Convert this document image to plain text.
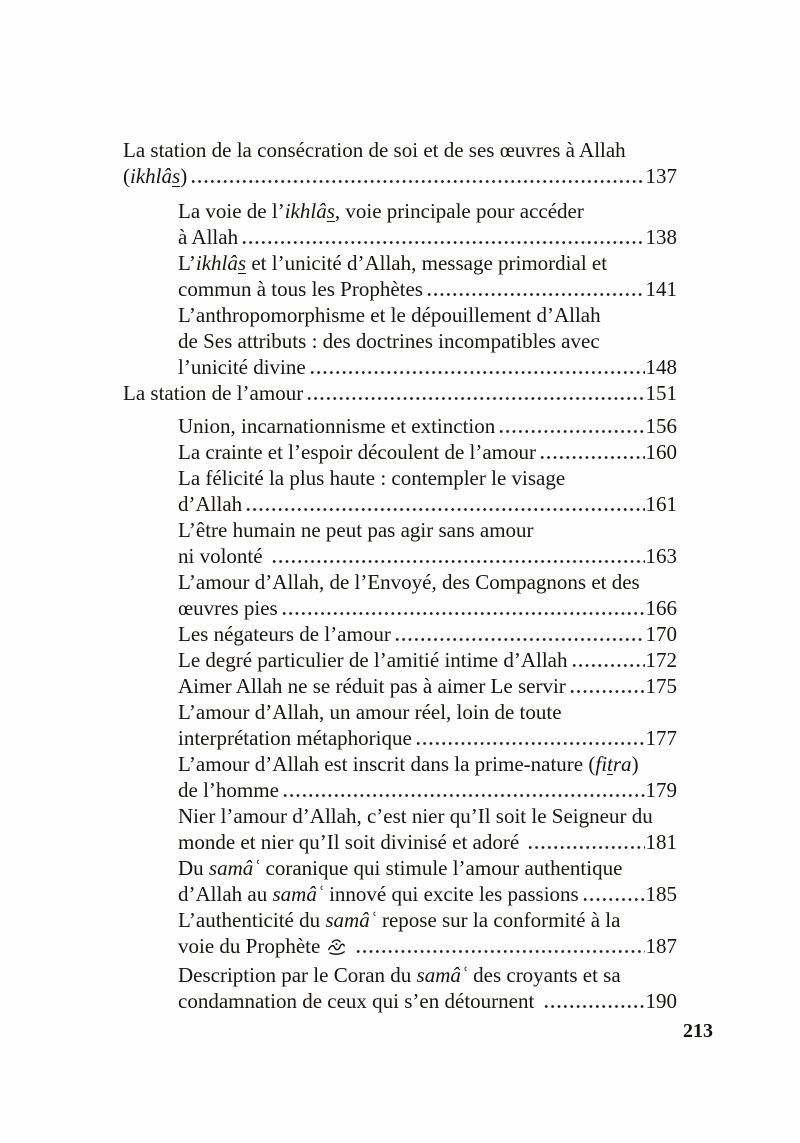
La station de la consécration de soi et de ses œuvres à Allah
(ikhlâs)	137
La voie de l’ikhlâs, voie principale pour accéder
à Allah	138
L’ikhlâs et l’unicité d’Allah, message primordial et
commun à tous les Prophètes	141
L’anthropomorphisme et le dépouillement d’Allah
de Ses attributs : des doctrines incompatibles avec
l’unicité divine	148
La station de l’amour	151
Union, incarnationnisme et extinction	156
La crainte et l’espoir découlent de l’amour	160
La félicité la plus haute : contempler le visage
d’Allah	161
L’être humain ne peut pas agir sans amour
ni volonté	163
L’amour d’Allah, de l’Envoyé, des Compagnons et des
œuvres pies	166
Les négateurs de l’amour	170
Le degré particulier de l’amitié intime d’Allah	172
Aimer Allah ne se réduit pas à aimer Le servir	175
L’amour d’Allah, un amour réel, loin de toute
interprétation métaphorique	177
L’amour d’Allah est inscrit dans la prime-nature (fitra)
de l’homme	179
Nier l’amour d’Allah, c’est nier qu’Il soit le Seigneur du
monde et nier qu’Il soit divinisé et adoré	181
Du samâʿ coranique qui stimule l’amour authentique
d’Allah au samâʿ innové qui excite les passions	185
L’authenticité du samâʿ repose sur la conformité à la
voie du Prophète	187
Description par le Coran du samâʿ des croyants et sa
condamnation de ceux qui s’en détournent	190
213
